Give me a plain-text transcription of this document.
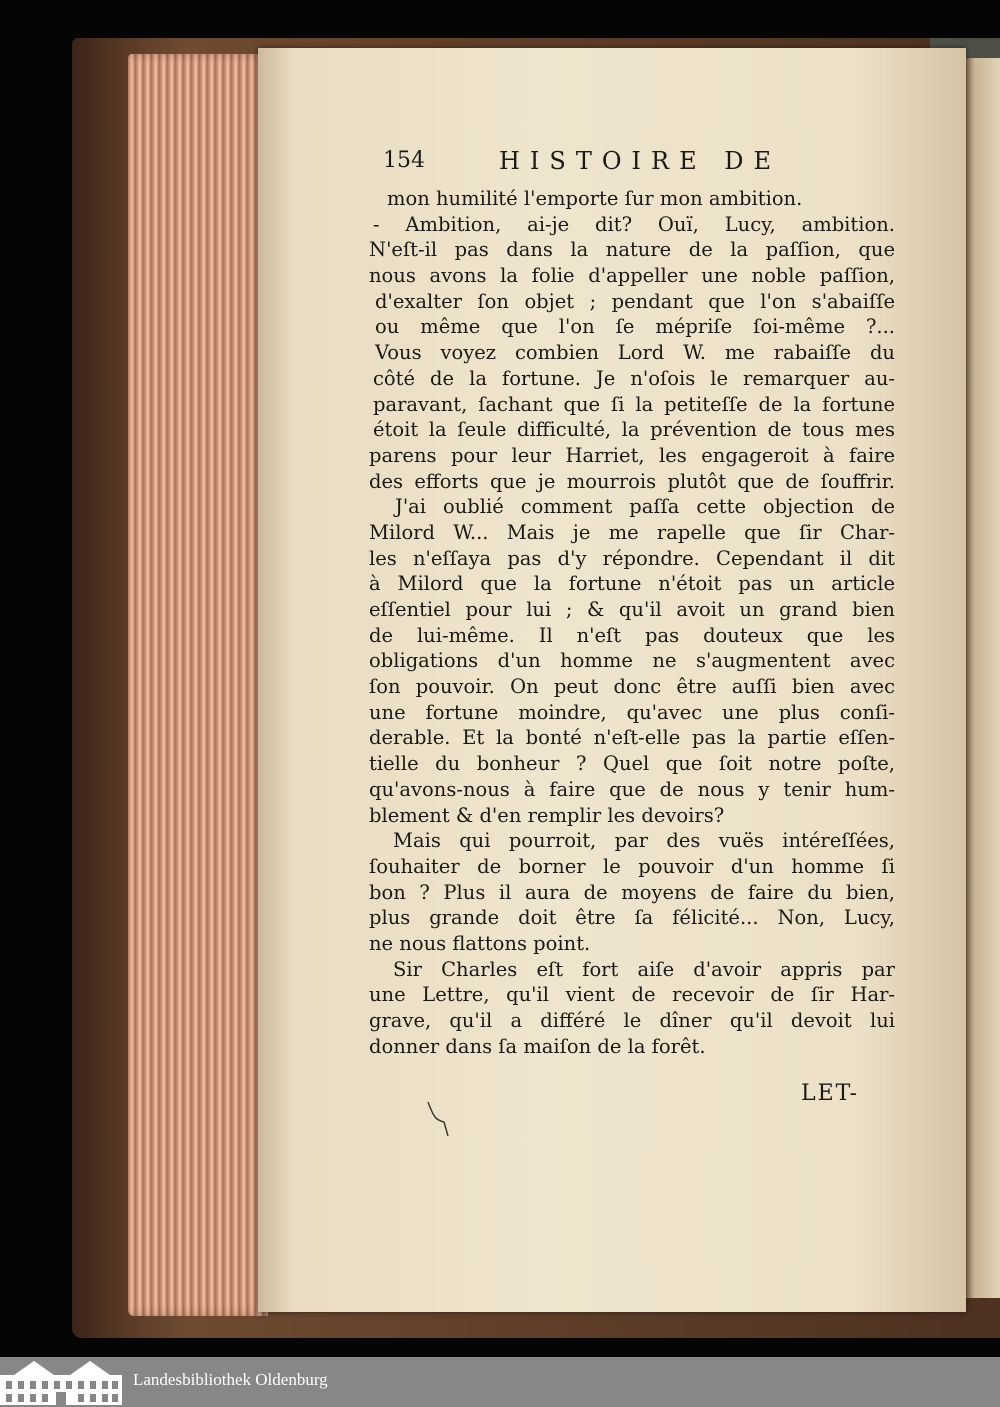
154	HISTOIRE DE
mon humilité l'emporte ſur mon ambition.
- Ambition, ai-je dit? Ouï, Lucy, ambition.
N'eſt-il pas dans la nature de la paſſion, que
nous avons la folie d'appeller une noble paſſion,
d'exalter ſon objet ; pendant que l'on s'abaiſſe
ou même que l'on ſe mépriſe ſoi-même ?...
Vous voyez combien Lord W. me rabaiſſe du
côté de la fortune. Je n'oſois le remarquer au-
paravant, ſachant que ſi la petiteſſe de la fortune
étoit la ſeule difficulté, la prévention de tous mes
parens pour leur Harriet, les engageroit à faire
des efforts que je mourrois plutôt que de ſouffrir.
J'ai oublié comment paſſa cette objection de
Milord W... Mais je me rapelle que ſir Char-
les n'eſſaya pas d'y répondre. Cependant il dit
à Milord que la fortune n'étoit pas un article
eſſentiel pour lui ; & qu'il avoit un grand bien
de lui-même. Il n'eſt pas douteux que les
obligations d'un homme ne s'augmentent avec
ſon pouvoir. On peut donc être auſſi bien avec
une fortune moindre, qu'avec une plus conſi-
derable. Et la bonté n'eſt-elle pas la partie eſſen-
tielle du bonheur ? Quel que ſoit notre poſte,
qu'avons-nous à faire que de nous y tenir hum-
blement & d'en remplir les devoirs?
Mais qui pourroit, par des vuës intéreſſées,
ſouhaiter de borner le pouvoir d'un homme ſi
bon ? Plus il aura de moyens de faire du bien,
plus grande doit être ſa félicité... Non, Lucy,
ne nous flattons point.
Sir Charles eſt fort aiſe d'avoir appris par
une Lettre, qu'il vient de recevoir de ſir Har-
grave, qu'il a différé le dîner qu'il devoit lui
donner dans ſa maiſon de la forêt.
LET-
Landesbibliothek Oldenburg
